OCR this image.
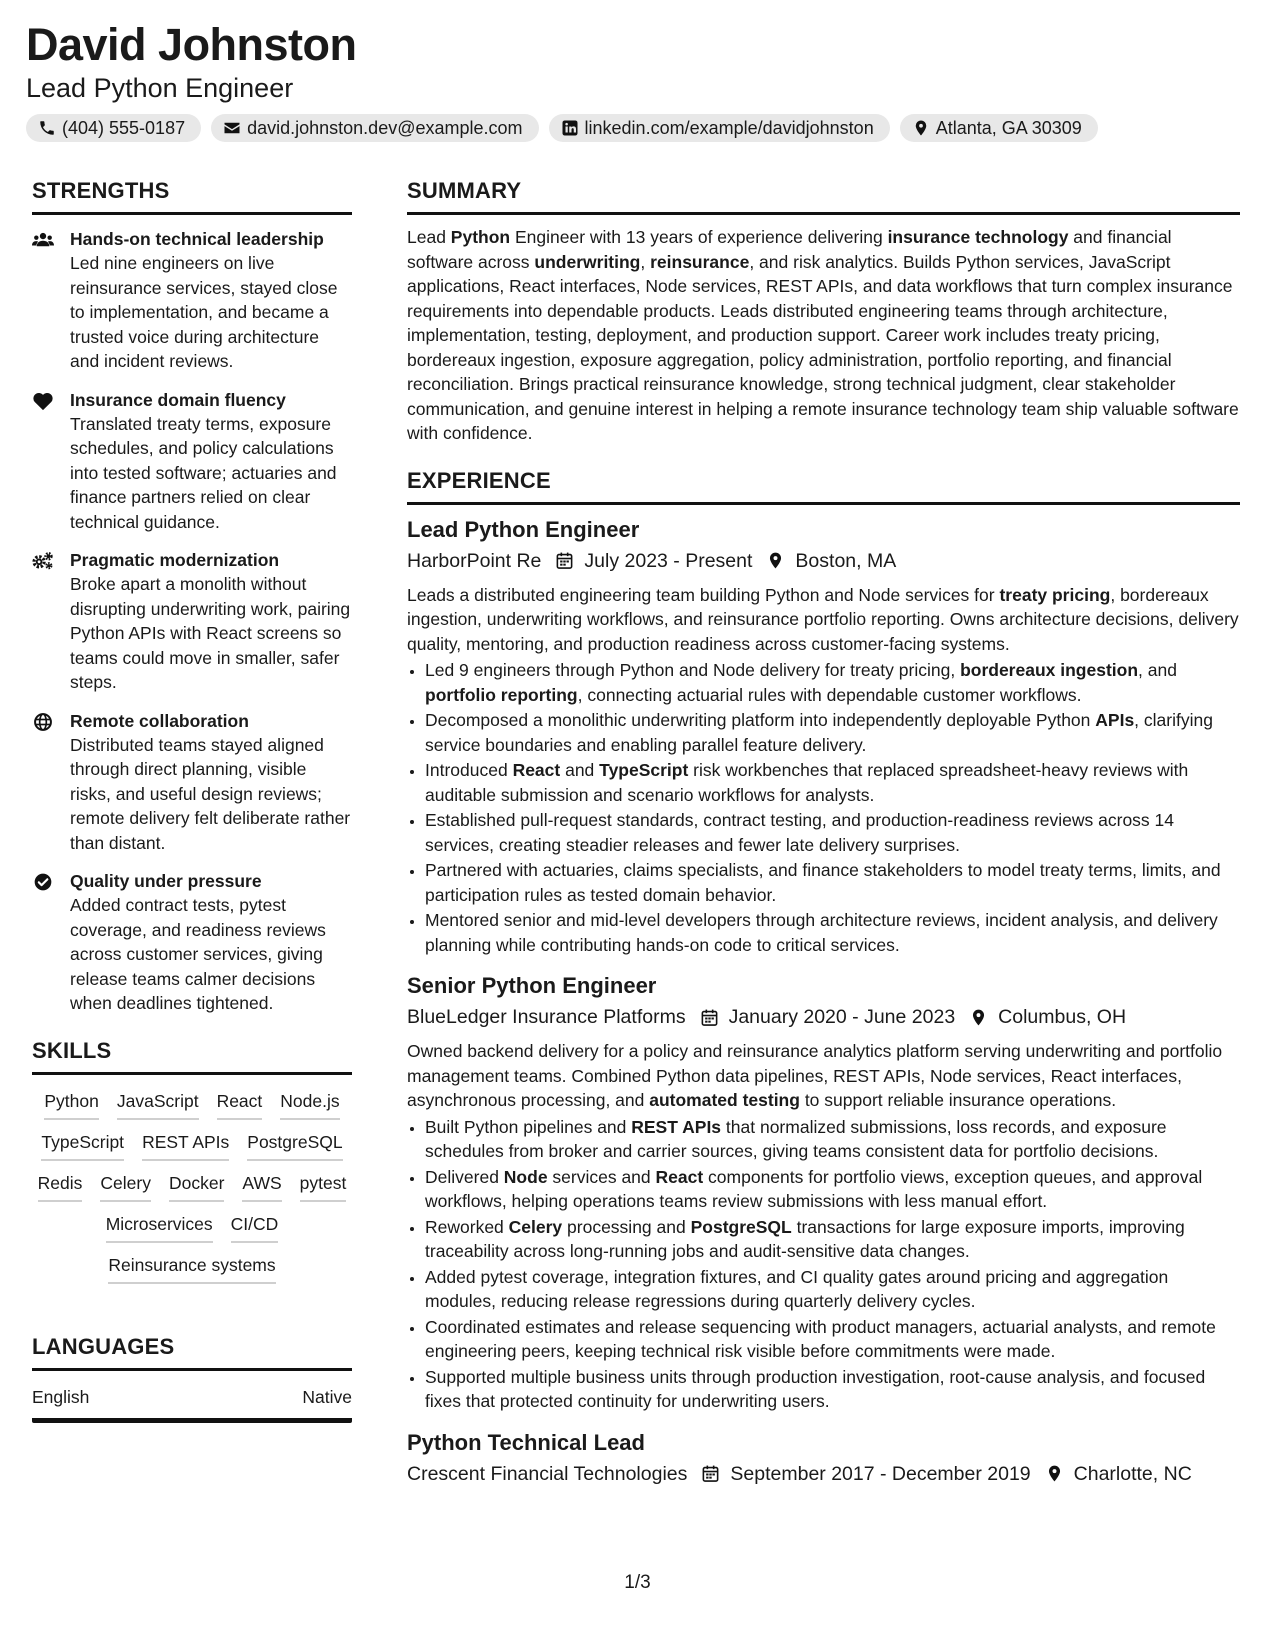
David Johnston
Lead Python Engineer
(404) 555-0187	david.johnston.dev@example.com	linkedin.com/example/davidjohnston	Atlanta, GA 30309
STRENGTHS
Hands-on technical leadership
Led nine engineers on live reinsurance services, stayed close to implementation, and became a trusted voice during architecture and incident reviews.
Insurance domain fluency
Translated treaty terms, exposure schedules, and policy calculations into tested software; actuaries and finance partners relied on clear technical guidance.
Pragmatic modernization
Broke apart a monolith without disrupting underwriting work, pairing Python APIs with React screens so teams could move in smaller, safer steps.
Remote collaboration
Distributed teams stayed aligned through direct planning, visible risks, and useful design reviews; remote delivery felt deliberate rather than distant.
Quality under pressure
Added contract tests, pytest coverage, and readiness reviews across customer services, giving release teams calmer decisions when deadlines tightened.
SKILLS
Python JavaScript React Node.js
TypeScript REST APIs PostgreSQL
Redis Celery Docker AWS pytest
Microservices CI/CD
Reinsurance systems
LANGUAGES
English	Native
SUMMARY
Lead Python Engineer with 13 years of experience delivering insurance technology and financial software across underwriting, reinsurance, and risk analytics. Builds Python services, JavaScript applications, React interfaces, Node services, REST APIs, and data workflows that turn complex insurance requirements into dependable products. Leads distributed engineering teams through architecture, implementation, testing, deployment, and production support. Career work includes treaty pricing, bordereaux ingestion, exposure aggregation, policy administration, portfolio reporting, and financial reconciliation. Brings practical reinsurance knowledge, strong technical judgment, clear stakeholder communication, and genuine interest in helping a remote insurance technology team ship valuable software with confidence.
EXPERIENCE
Lead Python Engineer
HarborPoint Re July 2023 - Present Boston, MA
Leads a distributed engineering team building Python and Node services for treaty pricing, bordereaux ingestion, underwriting workflows, and reinsurance portfolio reporting. Owns architecture decisions, delivery quality, mentoring, and production readiness across customer-facing systems.
• Led 9 engineers through Python and Node delivery for treaty pricing, bordereaux ingestion, and portfolio reporting, connecting actuarial rules with dependable customer workflows.
• Decomposed a monolithic underwriting platform into independently deployable Python APIs, clarifying service boundaries and enabling parallel feature delivery.
• Introduced React and TypeScript risk workbenches that replaced spreadsheet-heavy reviews with auditable submission and scenario workflows for analysts.
• Established pull-request standards, contract testing, and production-readiness reviews across 14 services, creating steadier releases and fewer late delivery surprises.
• Partnered with actuaries, claims specialists, and finance stakeholders to model treaty terms, limits, and participation rules as tested domain behavior.
• Mentored senior and mid-level developers through architecture reviews, incident analysis, and delivery planning while contributing hands-on code to critical services.
Senior Python Engineer
BlueLedger Insurance Platforms January 2020 - June 2023 Columbus, OH
Owned backend delivery for a policy and reinsurance analytics platform serving underwriting and portfolio management teams. Combined Python data pipelines, REST APIs, Node services, React interfaces, asynchronous processing, and automated testing to support reliable insurance operations.
• Built Python pipelines and REST APIs that normalized submissions, loss records, and exposure schedules from broker and carrier sources, giving teams consistent data for portfolio decisions.
• Delivered Node services and React components for portfolio views, exception queues, and approval workflows, helping operations teams review submissions with less manual effort.
• Reworked Celery processing and PostgreSQL transactions for large exposure imports, improving traceability across long-running jobs and audit-sensitive data changes.
• Added pytest coverage, integration fixtures, and CI quality gates around pricing and aggregation modules, reducing release regressions during quarterly delivery cycles.
• Coordinated estimates and release sequencing with product managers, actuarial analysts, and remote engineering peers, keeping technical risk visible before commitments were made.
• Supported multiple business units through production investigation, root-cause analysis, and focused fixes that protected continuity for underwriting users.
Python Technical Lead
Crescent Financial Technologies September 2017 - December 2019 Charlotte, NC
1/3
